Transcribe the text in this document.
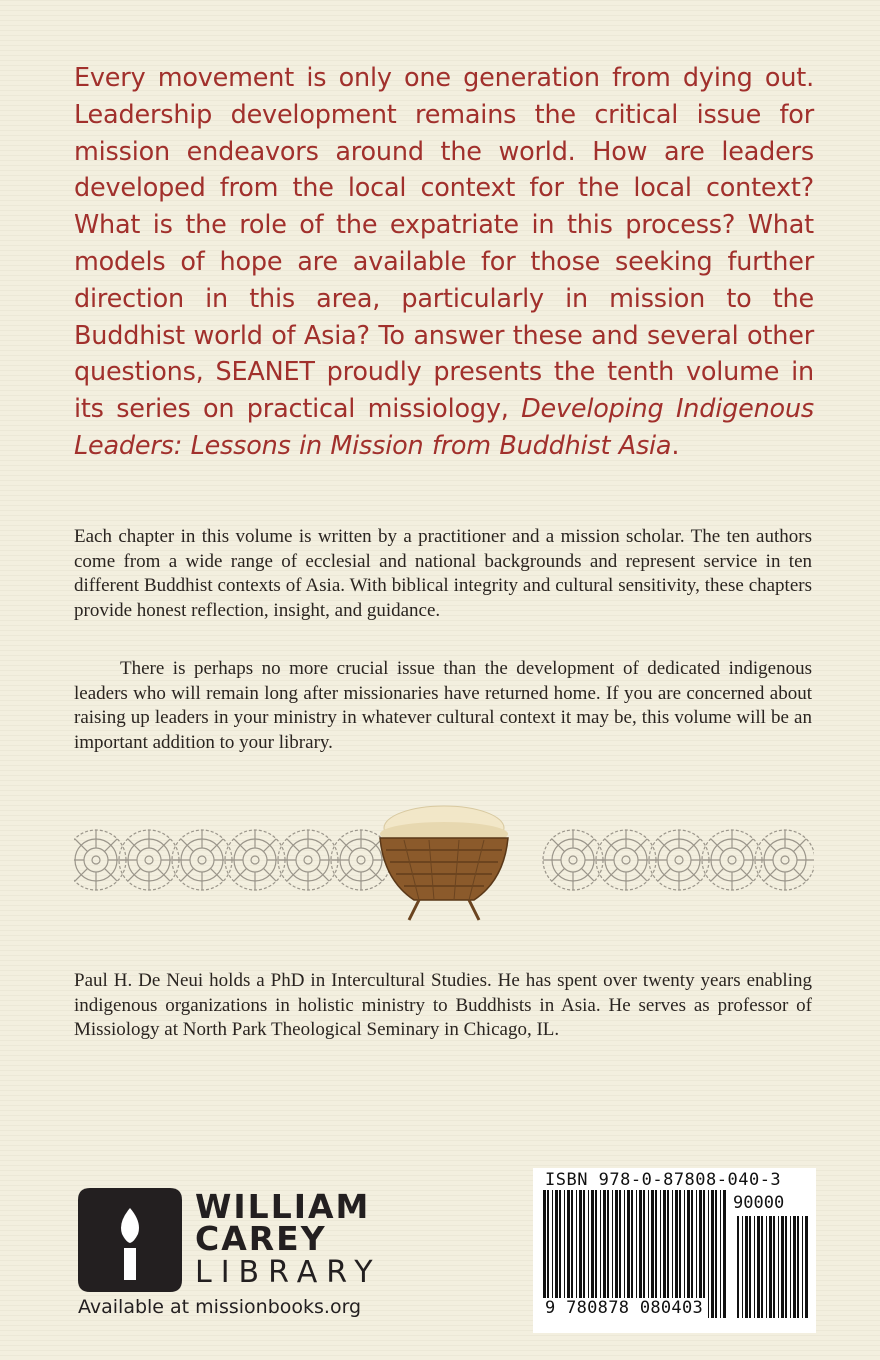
Every movement is only one generation from dying out. Leadership development remains the critical issue for mission endeavors around the world. How are leaders developed from the local context for the local context? What is the role of the expatriate in this process? What models of hope are available for those seeking further direction in this area, particularly in mission to the Buddhist world of Asia? To answer these and several other questions, SEANET proudly presents the tenth volume in its series on practical missiology, Developing Indigenous Leaders: Lessons in Mission from Buddhist Asia.

Each chapter in this volume is written by a practitioner and a mission scholar. The ten authors come from a wide range of ecclesial and national backgrounds and represent service in ten different Buddhist contexts of Asia. With biblical integrity and cultural sensitivity, these chapters provide honest reflection, insight, and guidance.

There is perhaps no more crucial issue than the development of dedicated indigenous leaders who will remain long after missionaries have returned home. If you are concerned about raising up leaders in your ministry in whatever cultural context it may be, this volume will be an important addition to your library.

Paul H. De Neui holds a PhD in Intercultural Studies. He has spent over twenty years enabling indigenous organizations in holistic ministry to Buddhists in Asia. He serves as professor of Missiology at North Park Theological Seminary in Chicago, IL.

WILLIAM
CAREY
LIBRARY
Available at missionbooks.org
ISBN 978-0-87808-040-3
90000
9 780878 080403
